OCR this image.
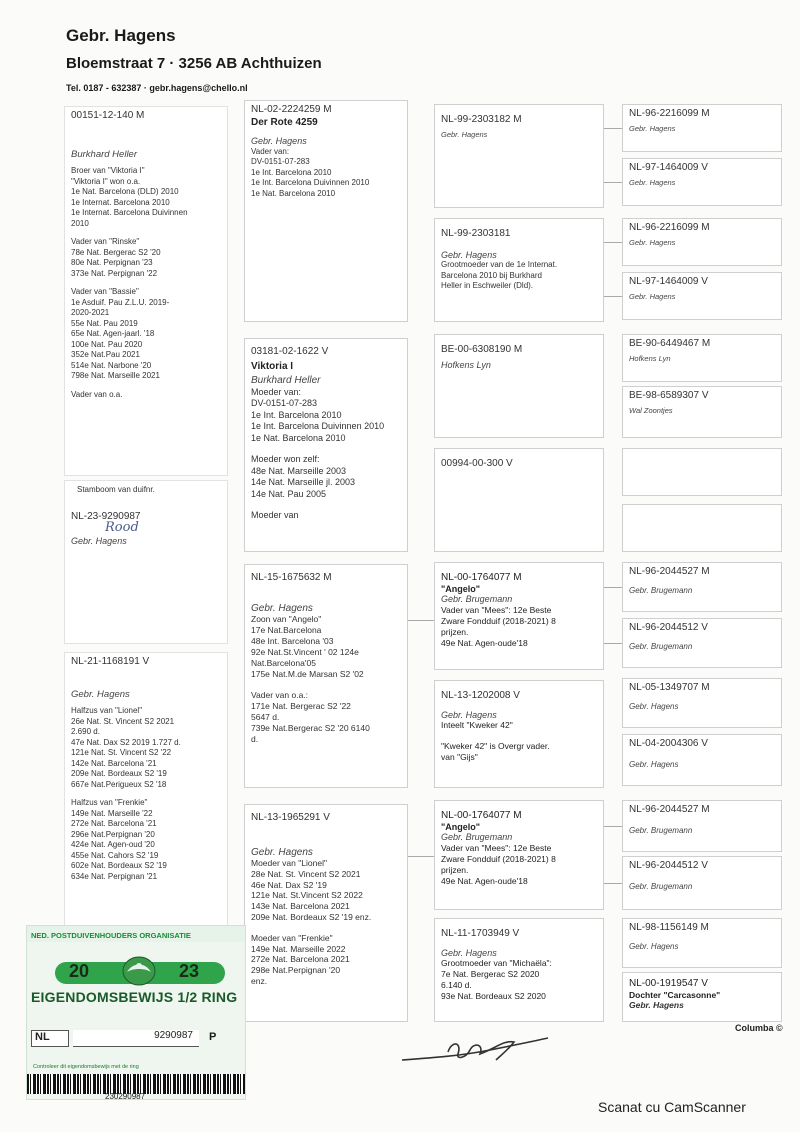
Gebr. Hagens
Bloemstraat 7 · 3256 AB Achthuizen
Tel. 0187 - 632387 · gebr.hagens@chello.nl
00151-12-140 M
Burkhard Heller
Broer van "Viktoria I"
"Viktoria I" won o.a.
1e Nat. Barcelona (DLD) 2010
1e Internat. Barcelona 2010
1e Internat. Barcelona Duivinnen
2010
Vader van "Rinske"
78e Nat. Bergerac S2 '20
80e Nat. Perpignan '23
373e Nat. Perpignan '22
Vader van "Bassie"
1e Asduif. Pau Z.L.U. 2019-
2020-2021
55e Nat. Pau 2019
65e Nat. Agen-jaarl. '18
100e Nat. Pau 2020
352e Nat.Pau 2021
514e Nat. Narbone '20
798e Nat. Marseille 2021
Vader van o.a.
Stamboom van duifnr.
NL-23-9290987
Rood
Gebr. Hagens
NL-21-1168191 V
Gebr. Hagens
Halfzus van "Lionel"
26e Nat. St. Vincent S2 2021
2.690 d.
47e Nat. Dax S2 2019 1.727 d.
121e Nat. St. Vincent S2 '22
142e Nat. Barcelona '21
209e Nat. Bordeaux S2 '19
667e Nat.Perigueux S2 '18
Halfzus van "Frenkie"
149e Nat. Marseille '22
272e Nat. Barcelona '21
296e Nat.Perpignan '20
424e Nat. Agen-oud '20
455e Nat. Cahors S2 '19
602e Nat. Bordeaux S2 '19
634e Nat. Perpignan '21
NL-02-2224259 M
Der Rote 4259
Gebr. Hagens
Vader van:
DV-0151-07-283
1e Int. Barcelona 2010
1e Int. Barcelona Duivinnen 2010
1e Nat. Barcelona 2010
03181-02-1622 V
Viktoria I
Burkhard Heller
Moeder van:
DV-0151-07-283
1e Int. Barcelona 2010
1e Int. Barcelona Duivinnen 2010
1e Nat. Barcelona 2010
Moeder won zelf:
48e Nat. Marseille 2003
14e Nat. Marseille jl. 2003
14e Nat. Pau 2005
Moeder van
NL-15-1675632 M
Gebr. Hagens
Zoon van "Angelo"
17e Nat.Barcelona
48e Int. Barcelona '03
92e Nat.St.Vincent ' 02 124e
Nat.Barcelona'05
175e Nat.M.de Marsan S2 '02
Vader van o.a.:
171e Nat. Bergerac S2 '22
5647 d.
739e Nat.Bergerac S2 '20 6140
d.
NL-13-1965291 V
Gebr. Hagens
Moeder van "Lionel"
28e Nat. St. Vincent S2 2021
46e Nat. Dax S2 '19
121e Nat. St.Vincent S2 2022
143e Nat. Barcelona 2021
209e Nat. Bordeaux S2 '19 enz.
Moeder van "Frenkie"
149e Nat. Marseille 2022
272e Nat. Barcelona 2021
298e Nat.Perpignan '20
enz.
NL-99-2303182 M
Gebr. Hagens
NL-99-2303181
Gebr. Hagens
Grootmoeder van de 1e Internat.
Barcelona 2010 bij Burkhard
Heller in Eschweiler (Dld).
BE-00-6308190 M
Hofkens Lyn
00994-00-300 V
NL-00-1764077 M
"Angelo"
Gebr. Brugemann
Vader van "Mees": 12e Beste
Zware Fondduif (2018-2021) 8
prijzen.
49e Nat. Agen-oude'18
NL-13-1202008 V
Gebr. Hagens
Inteelt "Kweker 42"
"Kweker 42" is Overgr vader.
van "Gijs"
NL-00-1764077 M
"Angelo"
Gebr. Brugemann
Vader van "Mees": 12e Beste
Zware Fondduif (2018-2021) 8
prijzen.
49e Nat. Agen-oude'18
NL-11-1703949 V
Gebr. Hagens
Grootmoeder van "Michaëla":
7e Nat. Bergerac S2 2020
6.140 d.
93e Nat. Bordeaux S2 2020
NL-96-2216099 M
Gebr. Hagens
NL-97-1464009 V
Gebr. Hagens
NL-96-2216099 M
Gebr. Hagens
NL-97-1464009 V
Gebr. Hagens
BE-90-6449467 M
Hofkens Lyn
BE-98-6589307 V
Wal Zoontjes
NL-96-2044527 M
Gebr. Brugemann
NL-96-2044512 V
Gebr. Brugemann
NL-05-1349707 M
Gebr. Hagens
NL-04-2004306 V
Gebr. Hagens
NL-96-2044527 M
Gebr. Brugemann
NL-96-2044512 V
Gebr. Brugemann
NL-98-1156149 M
Gebr. Hagens
NL-00-1919547 V
Dochter "Carcasonne"
Gebr. Hagens
Columba ©
NED. POSTDUIVENHOUDERS ORGANISATIE
20	23
EIGENDOMSBEWIJS 1/2 RING
NL	9290987	P
Controleer dit eigendomsbewijs met de ring
230290987
Scanat cu CamScanner
